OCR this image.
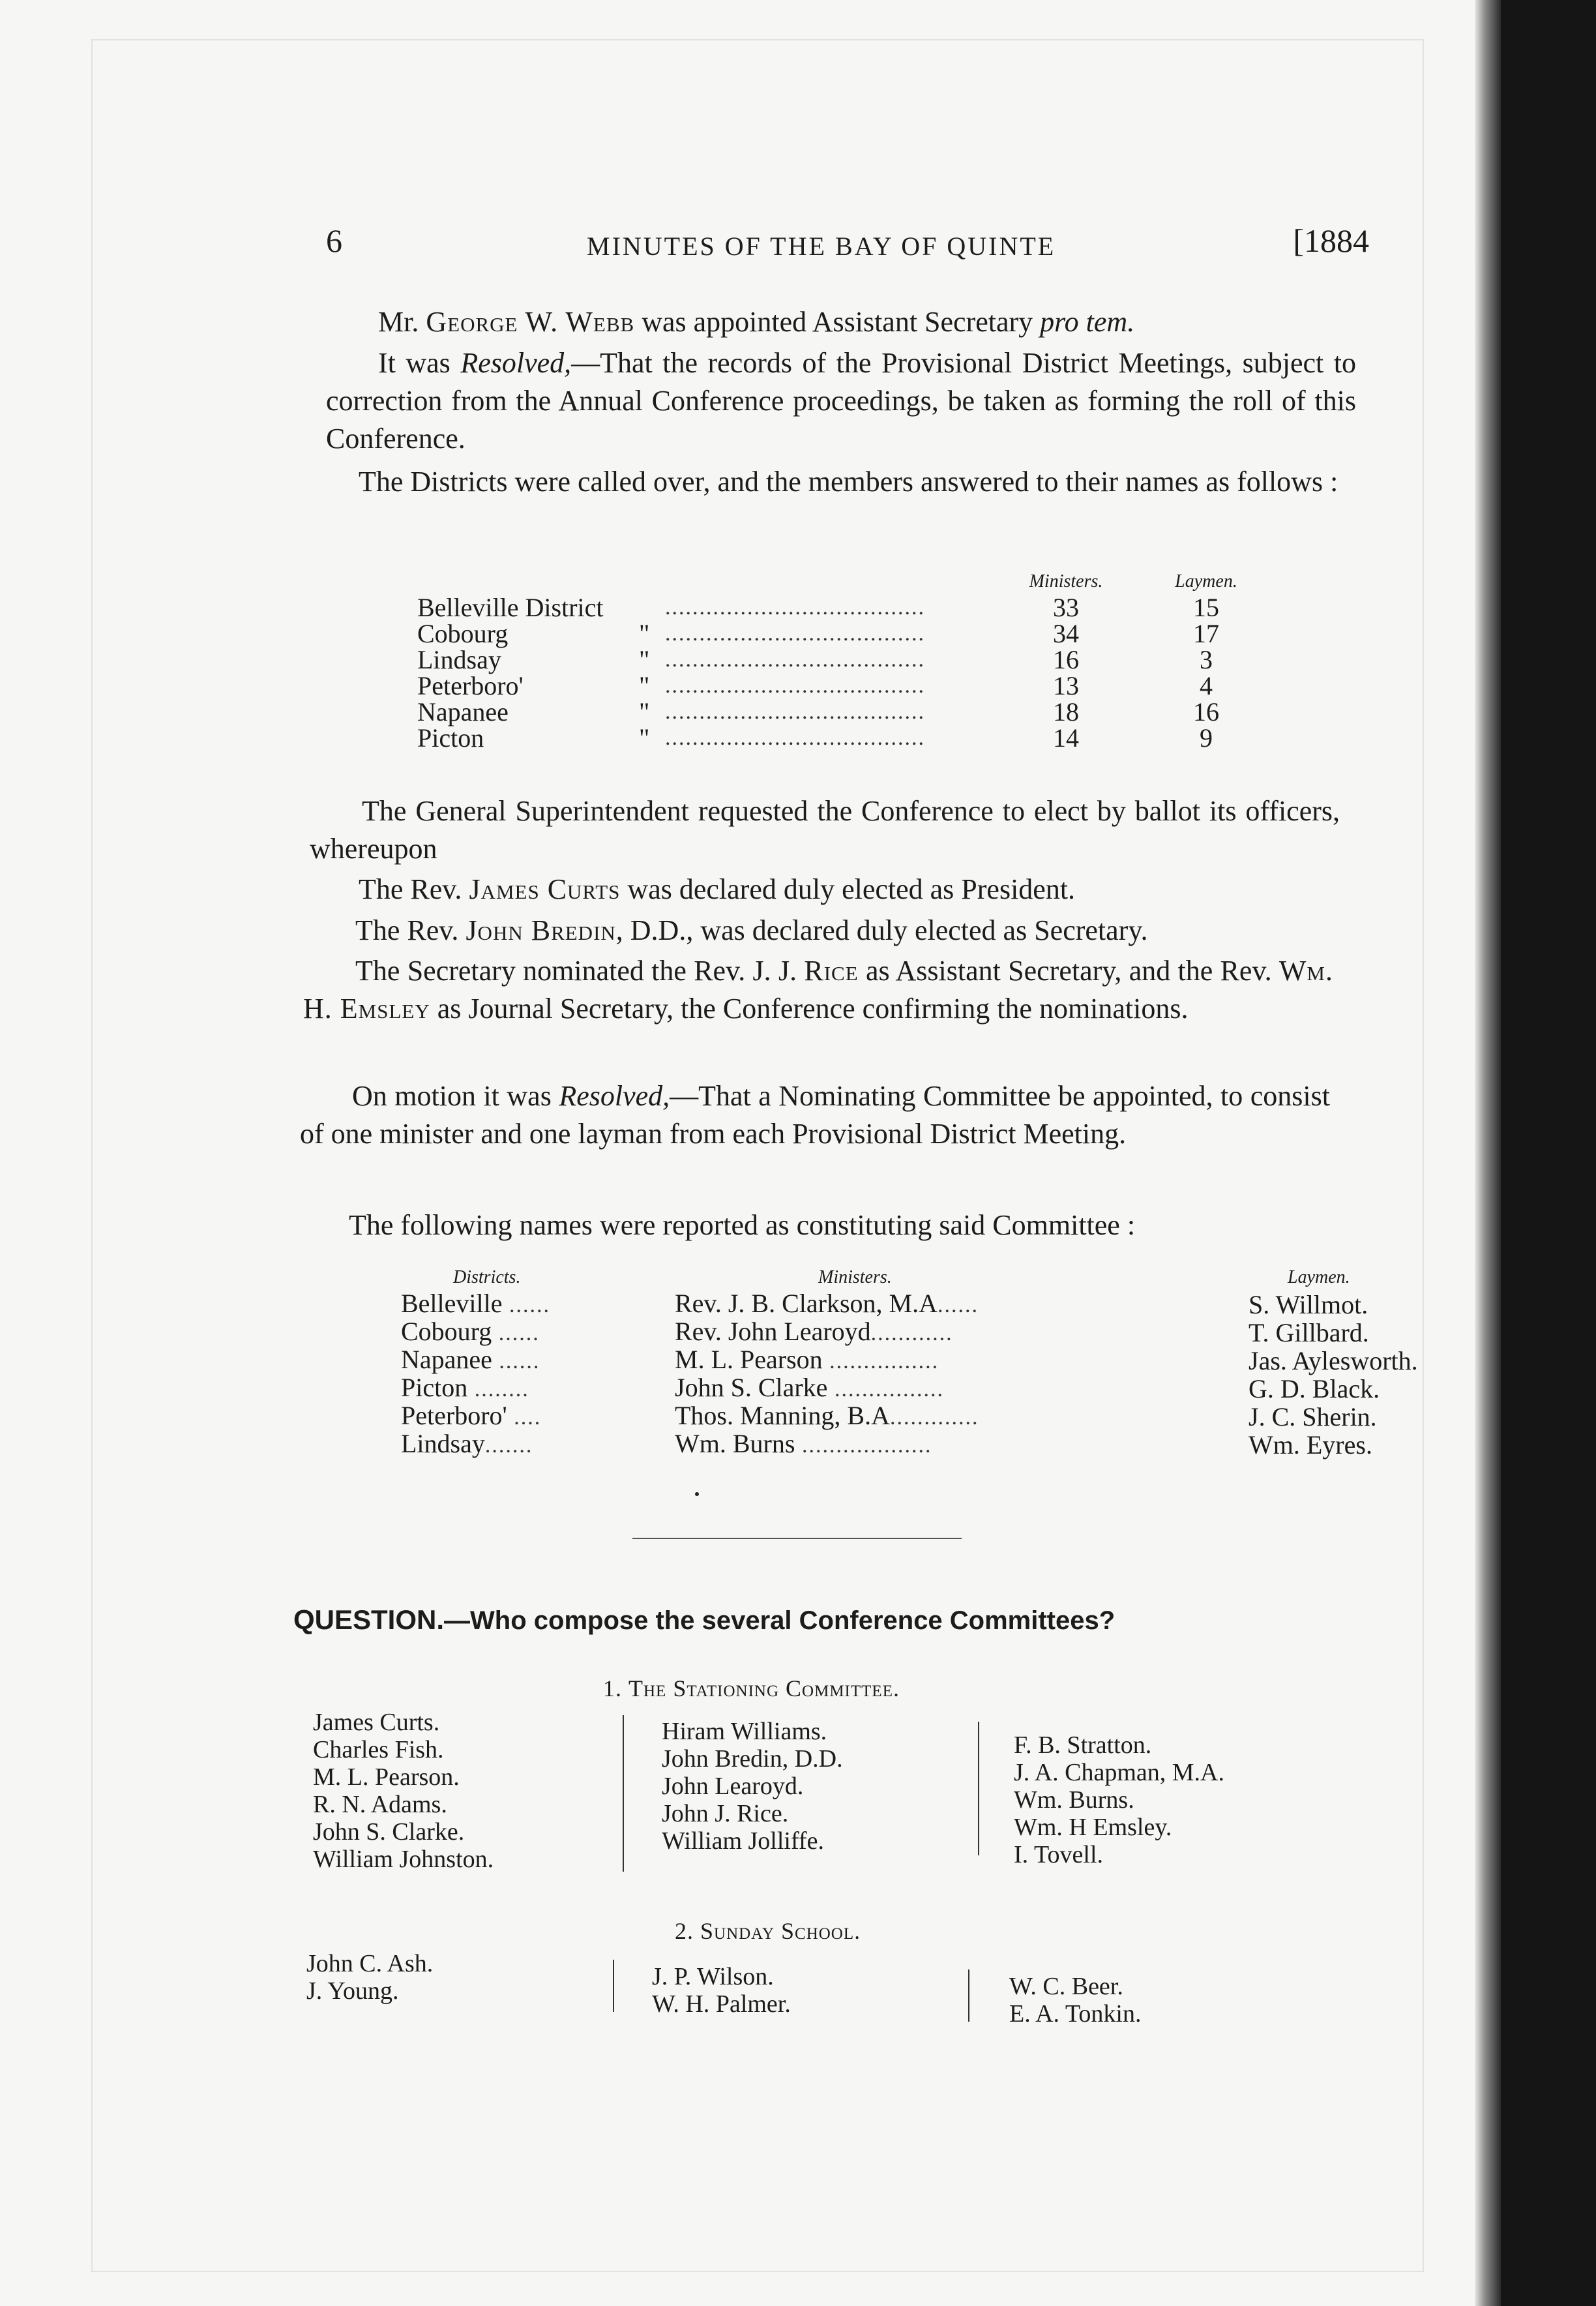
6	MINUTES OF THE BAY OF QUINTE	[1884
Mr. George W. Webb was appointed Assistant Secretary pro tem.
It was Resolved,—That the records of the Provisional District Meetings, subject to correction from the Annual Conference proceedings, be taken as forming the roll of this Conference.
The Districts were called over, and the members answered to their names as follows :
			Ministers.	Laymen.
Belleville District		......................................	33	15
Cobourg	"	......................................	34	17
Lindsay	"	......................................	16	3
Peterboro'	"	......................................	13	4
Napanee	"	......................................	18	16
Picton	"	......................................	14	9
The General Superintendent requested the Conference to elect by ballot its officers, whereupon
The Rev. James Curts was declared duly elected as President.
The Rev. John Bredin, D.D., was declared duly elected as Secretary.
The Secretary nominated the Rev. J. J. Rice as Assistant Secretary, and the Rev. Wm. H. Emsley as Journal Secretary, the Conference confirming the nominations.
On motion it was Resolved,—That a Nominating Committee be appointed, to consist of one minister and one layman from each Provisional District Meeting.
The following names were reported as constituting said Committee :
Districts.	Ministers.	Laymen.
Belleville ......	Rev. J. B. Clarkson, M.A......	S. Willmot.
Cobourg ......	Rev. John Learoyd............	T. Gillbard.
Napanee ......	M. L. Pearson ................	Jas. Aylesworth.
Picton ........	John S. Clarke ................	G. D. Black.
Peterboro' ....	Thos. Manning, B.A.............	J. C. Sherin.
Lindsay.......	Wm. Burns ...................	Wm. Eyres.
QUESTION.—Who compose the several Conference Committees?
1. The Stationing Committee.
James Curts.
Charles Fish.
M. L. Pearson.
R. N. Adams.
John S. Clarke.
William Johnston.
Hiram Williams.
John Bredin, D.D.
John Learoyd.
John J. Rice.
William Jolliffe.
F. B. Stratton.
J. A. Chapman, M.A.
Wm. Burns.
Wm. H Emsley.
I. Tovell.
2. Sunday School.
John C. Ash.
J. Young.
J. P. Wilson.
W. H. Palmer.
W. C. Beer.
E. A. Tonkin.
